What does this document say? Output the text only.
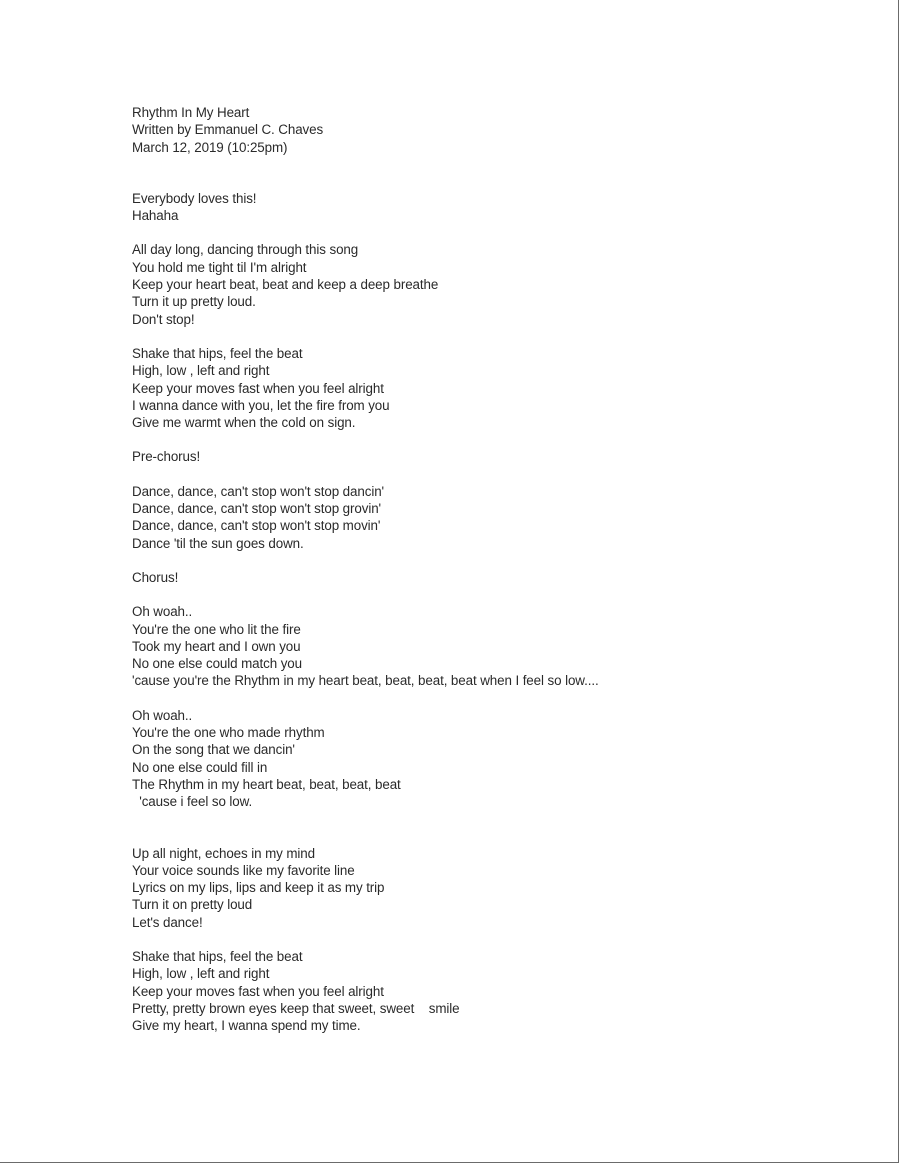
Rhythm In My Heart
Written by Emmanuel C. Chaves
March 12, 2019 (10:25pm)
Everybody loves this!
Hahaha
All day long, dancing through this song
You hold me tight til I'm alright
Keep your heart beat, beat and keep a deep breathe
Turn it up pretty loud.
Don't stop!
Shake that hips, feel the beat
High, low , left and right
Keep your moves fast when you feel alright
I wanna dance with you, let the fire from you
Give me warmt when the cold on sign.
Pre-chorus!
Dance, dance, can't stop won't stop dancin'
Dance, dance, can't stop won't stop grovin'
Dance, dance, can't stop won't stop movin'
Dance 'til the sun goes down.
Chorus!
Oh woah..
You're the one who lit the fire
Took my heart and I own you
No one else could match you
'cause you're the Rhythm in my heart beat, beat, beat, beat when I feel so low....
Oh woah..
You're the one who made rhythm
On the song that we dancin'
No one else could fill in
The Rhythm in my heart beat, beat, beat, beat
'cause i feel so low.
Up all night, echoes in my mind
Your voice sounds like my favorite line
Lyrics on my lips, lips and keep it as my trip
Turn it on pretty loud
Let's dance!
Shake that hips, feel the beat
High, low , left and right
Keep your moves fast when you feel alright
Pretty, pretty brown eyes keep that sweet, sweet    smile
Give my heart, I wanna spend my time.
